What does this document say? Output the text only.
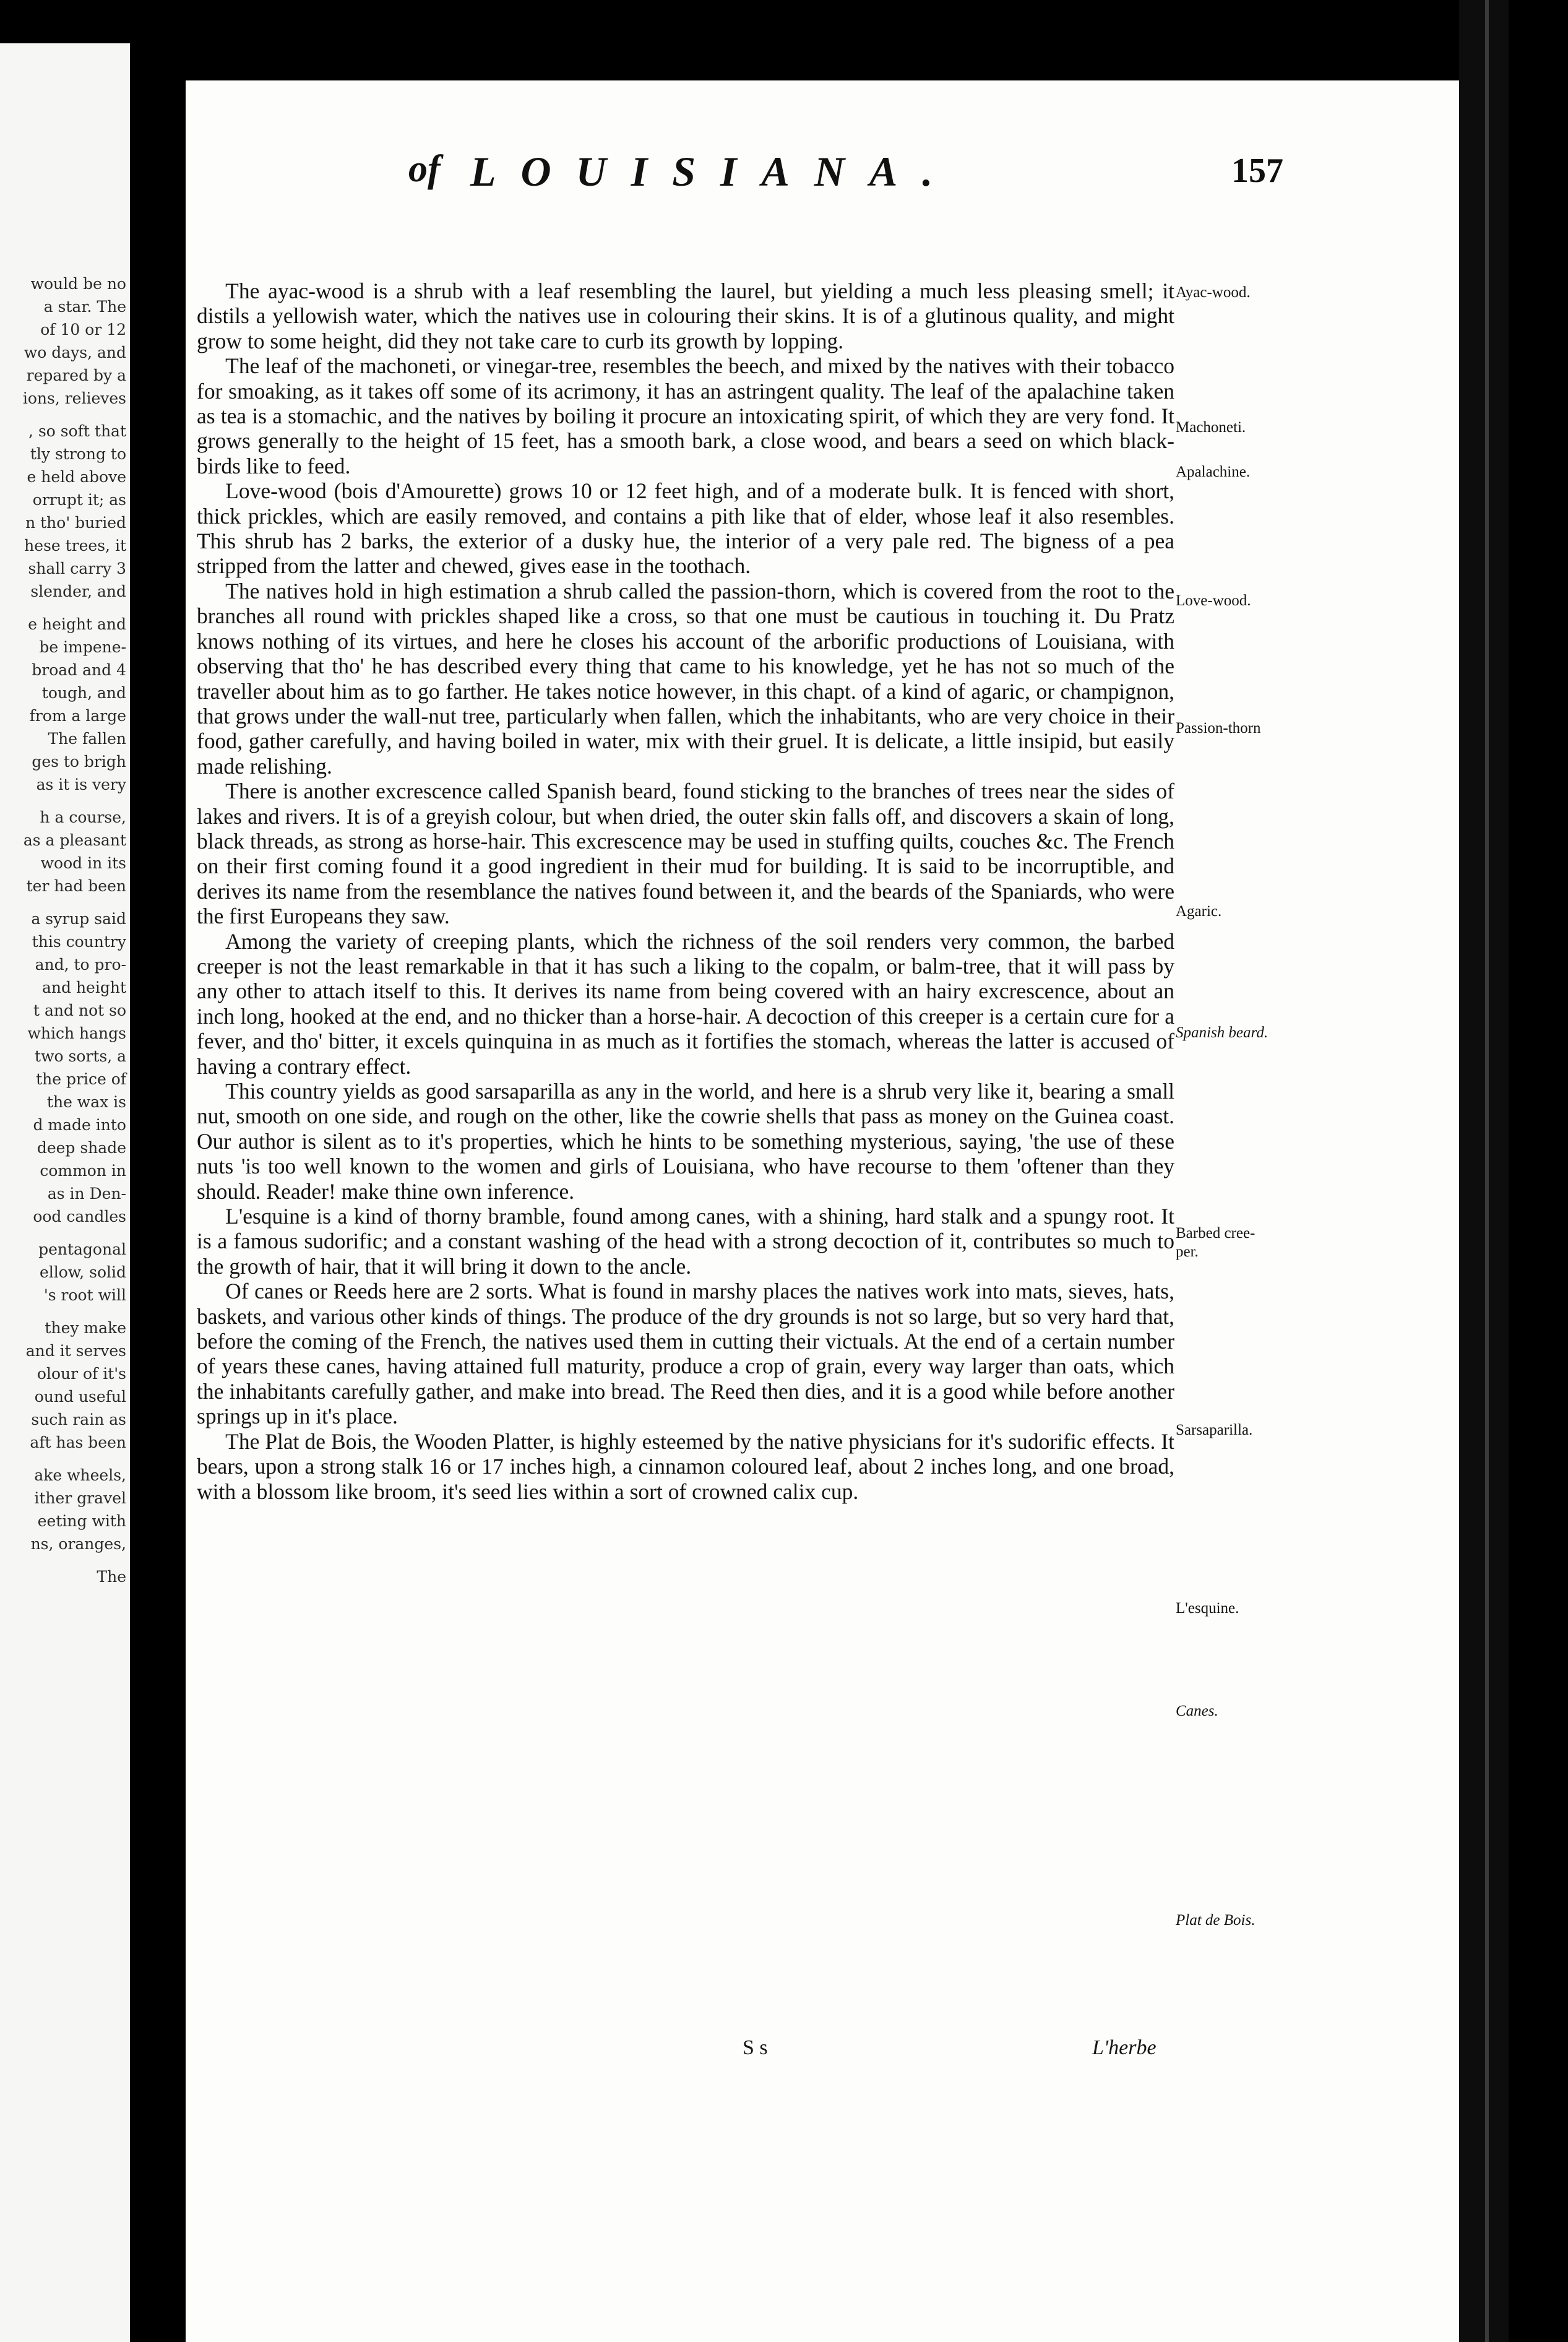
would be no
a star. The
of 10 or 12
wo days, and
repared by a
ions, relieves
, so soft that
tly strong to
e held above
orrupt it; as
n tho' buried
hese trees, it
shall carry 3
slender, and
e height and
be impene-
broad and 4
tough, and
from a large
The fallen
ges to brigh
as it is very
h a course,
as a pleasant
wood in its
ter had been
a syrup said
this country
and, to pro-
and height
t and not so
which hangs
two sorts, a
the price of
the wax is
d made into
deep shade
common in
as in Den-
ood candles
pentagonal
ellow, solid
's root will
they make
and it serves
olour of it's
ound useful
such rain as
aft has been
ake wheels,
ither gravel
eeting with
ns, oranges,
The
of LOUISIANA.	157

The ayac-wood is a shrub with a leaf resembling the laurel, but yielding a much less pleasing smell; it distils a yellowish water, which the natives use in colouring their skins. It is of a glutinous quality, and might grow to some height, did they not take care to curb its growth by lopping.

The leaf of the machoneti, or vinegar-tree, resembles the beech, and mixed by the natives with their tobacco for smoaking, as it takes off some of its acrimony, it has an astringent quality. The leaf of the apalachine taken as tea is a stomachic, and the natives by boiling it procure an intoxicating spirit, of which they are very fond. It grows generally to the height of 15 feet, has a smooth bark, a close wood, and bears a seed on which black-birds like to feed.

Love-wood (bois d'Amourette) grows 10 or 12 feet high, and of a moderate bulk. It is fenced with short, thick prickles, which are easily removed, and contains a pith like that of elder, whose leaf it also resembles. This shrub has 2 barks, the exterior of a dusky hue, the interior of a very pale red. The bigness of a pea stripped from the latter and chewed, gives ease in the toothach.

The natives hold in high estimation a shrub called the passion-thorn, which is covered from the root to the branches all round with prickles shaped like a cross, so that one must be cautious in touching it. Du Pratz knows nothing of its virtues, and here he closes his account of the arborific productions of Louisiana, with observing that tho' he has described every thing that came to his knowledge, yet he has not so much of the traveller about him as to go farther. He takes notice however, in this chapt. of a kind of agaric, or champignon, that grows under the wall-nut tree, particularly when fallen, which the inhabitants, who are very choice in their food, gather carefully, and having boiled in water, mix with their gruel. It is delicate, a little insipid, but easily made relishing.

There is another excrescence called Spanish beard, found sticking to the branches of trees near the sides of lakes and rivers. It is of a greyish colour, but when dried, the outer skin falls off, and discovers a skain of long, black threads, as strong as horse-hair. This excrescence may be used in stuffing quilts, couches &c. The French on their first coming found it a good ingredient in their mud for building. It is said to be incorruptible, and derives its name from the resemblance the natives found between it, and the beards of the Spaniards, who were the first Europeans they saw.

Among the variety of creeping plants, which the richness of the soil renders very common, the barbed creeper is not the least remarkable in that it has such a liking to the copalm, or balm-tree, that it will pass by any other to attach itself to this. It derives its name from being covered with an hairy excrescence, about an inch long, hooked at the end, and no thicker than a horse-hair. A decoction of this creeper is a certain cure for a fever, and tho' bitter, it excels quinquina in as much as it fortifies the stomach, whereas the latter is accused of having a contrary effect.

This country yields as good sarsaparilla as any in the world, and here is a shrub very like it, bearing a small nut, smooth on one side, and rough on the other, like the cowrie shells that pass as money on the Guinea coast. Our author is silent as to it's properties, which he hints to be something mysterious, saying, 'the use of these nuts 'is too well known to the women and girls of Louisiana, who have recourse to them 'oftener than they should. Reader! make thine own inference.

L'esquine is a kind of thorny bramble, found among canes, with a shining, hard stalk and a spungy root. It is a famous sudorific; and a constant washing of the head with a strong decoction of it, contributes so much to the growth of hair, that it will bring it down to the ancle.

Of canes or Reeds here are 2 sorts. What is found in marshy places the natives work into mats, sieves, hats, baskets, and various other kinds of things. The produce of the dry grounds is not so large, but so very hard that, before the coming of the French, the natives used them in cutting their victuals. At the end of a certain number of years these canes, having attained full maturity, produce a crop of grain, every way larger than oats, which the inhabitants carefully gather, and make into bread. The Reed then dies, and it is a good while before another springs up in it's place.

The Plat de Bois, the Wooden Platter, is highly esteemed by the native physicians for it's sudorific effects. It bears, upon a strong stalk 16 or 17 inches high, a cinnamon coloured leaf, about 2 inches long, and one broad, with a blossom like broom, it's seed lies within a sort of crowned calix cup.

Ayac-wood.
Machoneti.
Apalachine.
Love-wood.
Passion-thorn
Agaric.
Spanish beard.
Barbed cree-
per.
Sarsaparilla.
L'esquine.
Canes.
Plat de Bois.
S s	L'herbe
